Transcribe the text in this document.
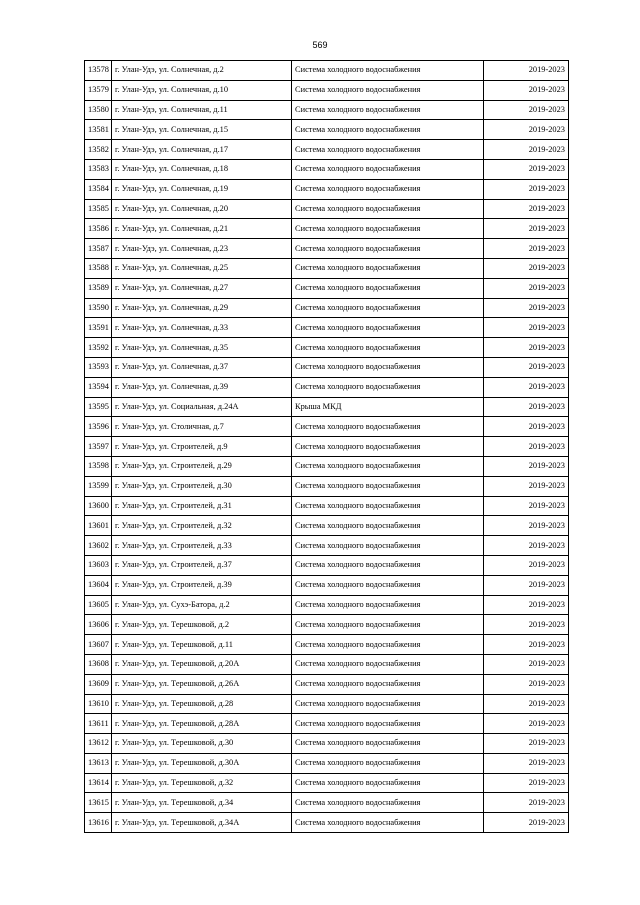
569
13578	г. Улан-Удэ, ул. Солнечная, д.2	Система холодного водоснабжения	2019-2023
13579	г. Улан-Удэ, ул. Солнечная, д.10	Система холодного водоснабжения	2019-2023
13580	г. Улан-Удэ, ул. Солнечная, д.11	Система холодного водоснабжения	2019-2023
13581	г. Улан-Удэ, ул. Солнечная, д.15	Система холодного водоснабжения	2019-2023
13582	г. Улан-Удэ, ул. Солнечная, д.17	Система холодного водоснабжения	2019-2023
13583	г. Улан-Удэ, ул. Солнечная, д.18	Система холодного водоснабжения	2019-2023
13584	г. Улан-Удэ, ул. Солнечная, д.19	Система холодного водоснабжения	2019-2023
13585	г. Улан-Удэ, ул. Солнечная, д.20	Система холодного водоснабжения	2019-2023
13586	г. Улан-Удэ, ул. Солнечная, д.21	Система холодного водоснабжения	2019-2023
13587	г. Улан-Удэ, ул. Солнечная, д.23	Система холодного водоснабжения	2019-2023
13588	г. Улан-Удэ, ул. Солнечная, д.25	Система холодного водоснабжения	2019-2023
13589	г. Улан-Удэ, ул. Солнечная, д.27	Система холодного водоснабжения	2019-2023
13590	г. Улан-Удэ, ул. Солнечная, д.29	Система холодного водоснабжения	2019-2023
13591	г. Улан-Удэ, ул. Солнечная, д.33	Система холодного водоснабжения	2019-2023
13592	г. Улан-Удэ, ул. Солнечная, д.35	Система холодного водоснабжения	2019-2023
13593	г. Улан-Удэ, ул. Солнечная, д.37	Система холодного водоснабжения	2019-2023
13594	г. Улан-Удэ, ул. Солнечная, д.39	Система холодного водоснабжения	2019-2023
13595	г. Улан-Удэ, ул. Социальная, д.24А	Крыша МКД	2019-2023
13596	г. Улан-Удэ, ул. Столичная, д.7	Система холодного водоснабжения	2019-2023
13597	г. Улан-Удэ, ул. Строителей, д.9	Система холодного водоснабжения	2019-2023
13598	г. Улан-Удэ, ул. Строителей, д.29	Система холодного водоснабжения	2019-2023
13599	г. Улан-Удэ, ул. Строителей, д.30	Система холодного водоснабжения	2019-2023
13600	г. Улан-Удэ, ул. Строителей, д.31	Система холодного водоснабжения	2019-2023
13601	г. Улан-Удэ, ул. Строителей, д.32	Система холодного водоснабжения	2019-2023
13602	г. Улан-Удэ, ул. Строителей, д.33	Система холодного водоснабжения	2019-2023
13603	г. Улан-Удэ, ул. Строителей, д.37	Система холодного водоснабжения	2019-2023
13604	г. Улан-Удэ, ул. Строителей, д.39	Система холодного водоснабжения	2019-2023
13605	г. Улан-Удэ, ул. Сухэ-Батора, д.2	Система холодного водоснабжения	2019-2023
13606	г. Улан-Удэ, ул. Терешковой, д.2	Система холодного водоснабжения	2019-2023
13607	г. Улан-Удэ, ул. Терешковой, д.11	Система холодного водоснабжения	2019-2023
13608	г. Улан-Удэ, ул. Терешковой, д.20А	Система холодного водоснабжения	2019-2023
13609	г. Улан-Удэ, ул. Терешковой, д.26А	Система холодного водоснабжения	2019-2023
13610	г. Улан-Удэ, ул. Терешковой, д.28	Система холодного водоснабжения	2019-2023
13611	г. Улан-Удэ, ул. Терешковой, д.28А	Система холодного водоснабжения	2019-2023
13612	г. Улан-Удэ, ул. Терешковой, д.30	Система холодного водоснабжения	2019-2023
13613	г. Улан-Удэ, ул. Терешковой, д.30А	Система холодного водоснабжения	2019-2023
13614	г. Улан-Удэ, ул. Терешковой, д.32	Система холодного водоснабжения	2019-2023
13615	г. Улан-Удэ, ул. Терешковой, д.34	Система холодного водоснабжения	2019-2023
13616	г. Улан-Удэ, ул. Терешковой, д.34А	Система холодного водоснабжения	2019-2023
